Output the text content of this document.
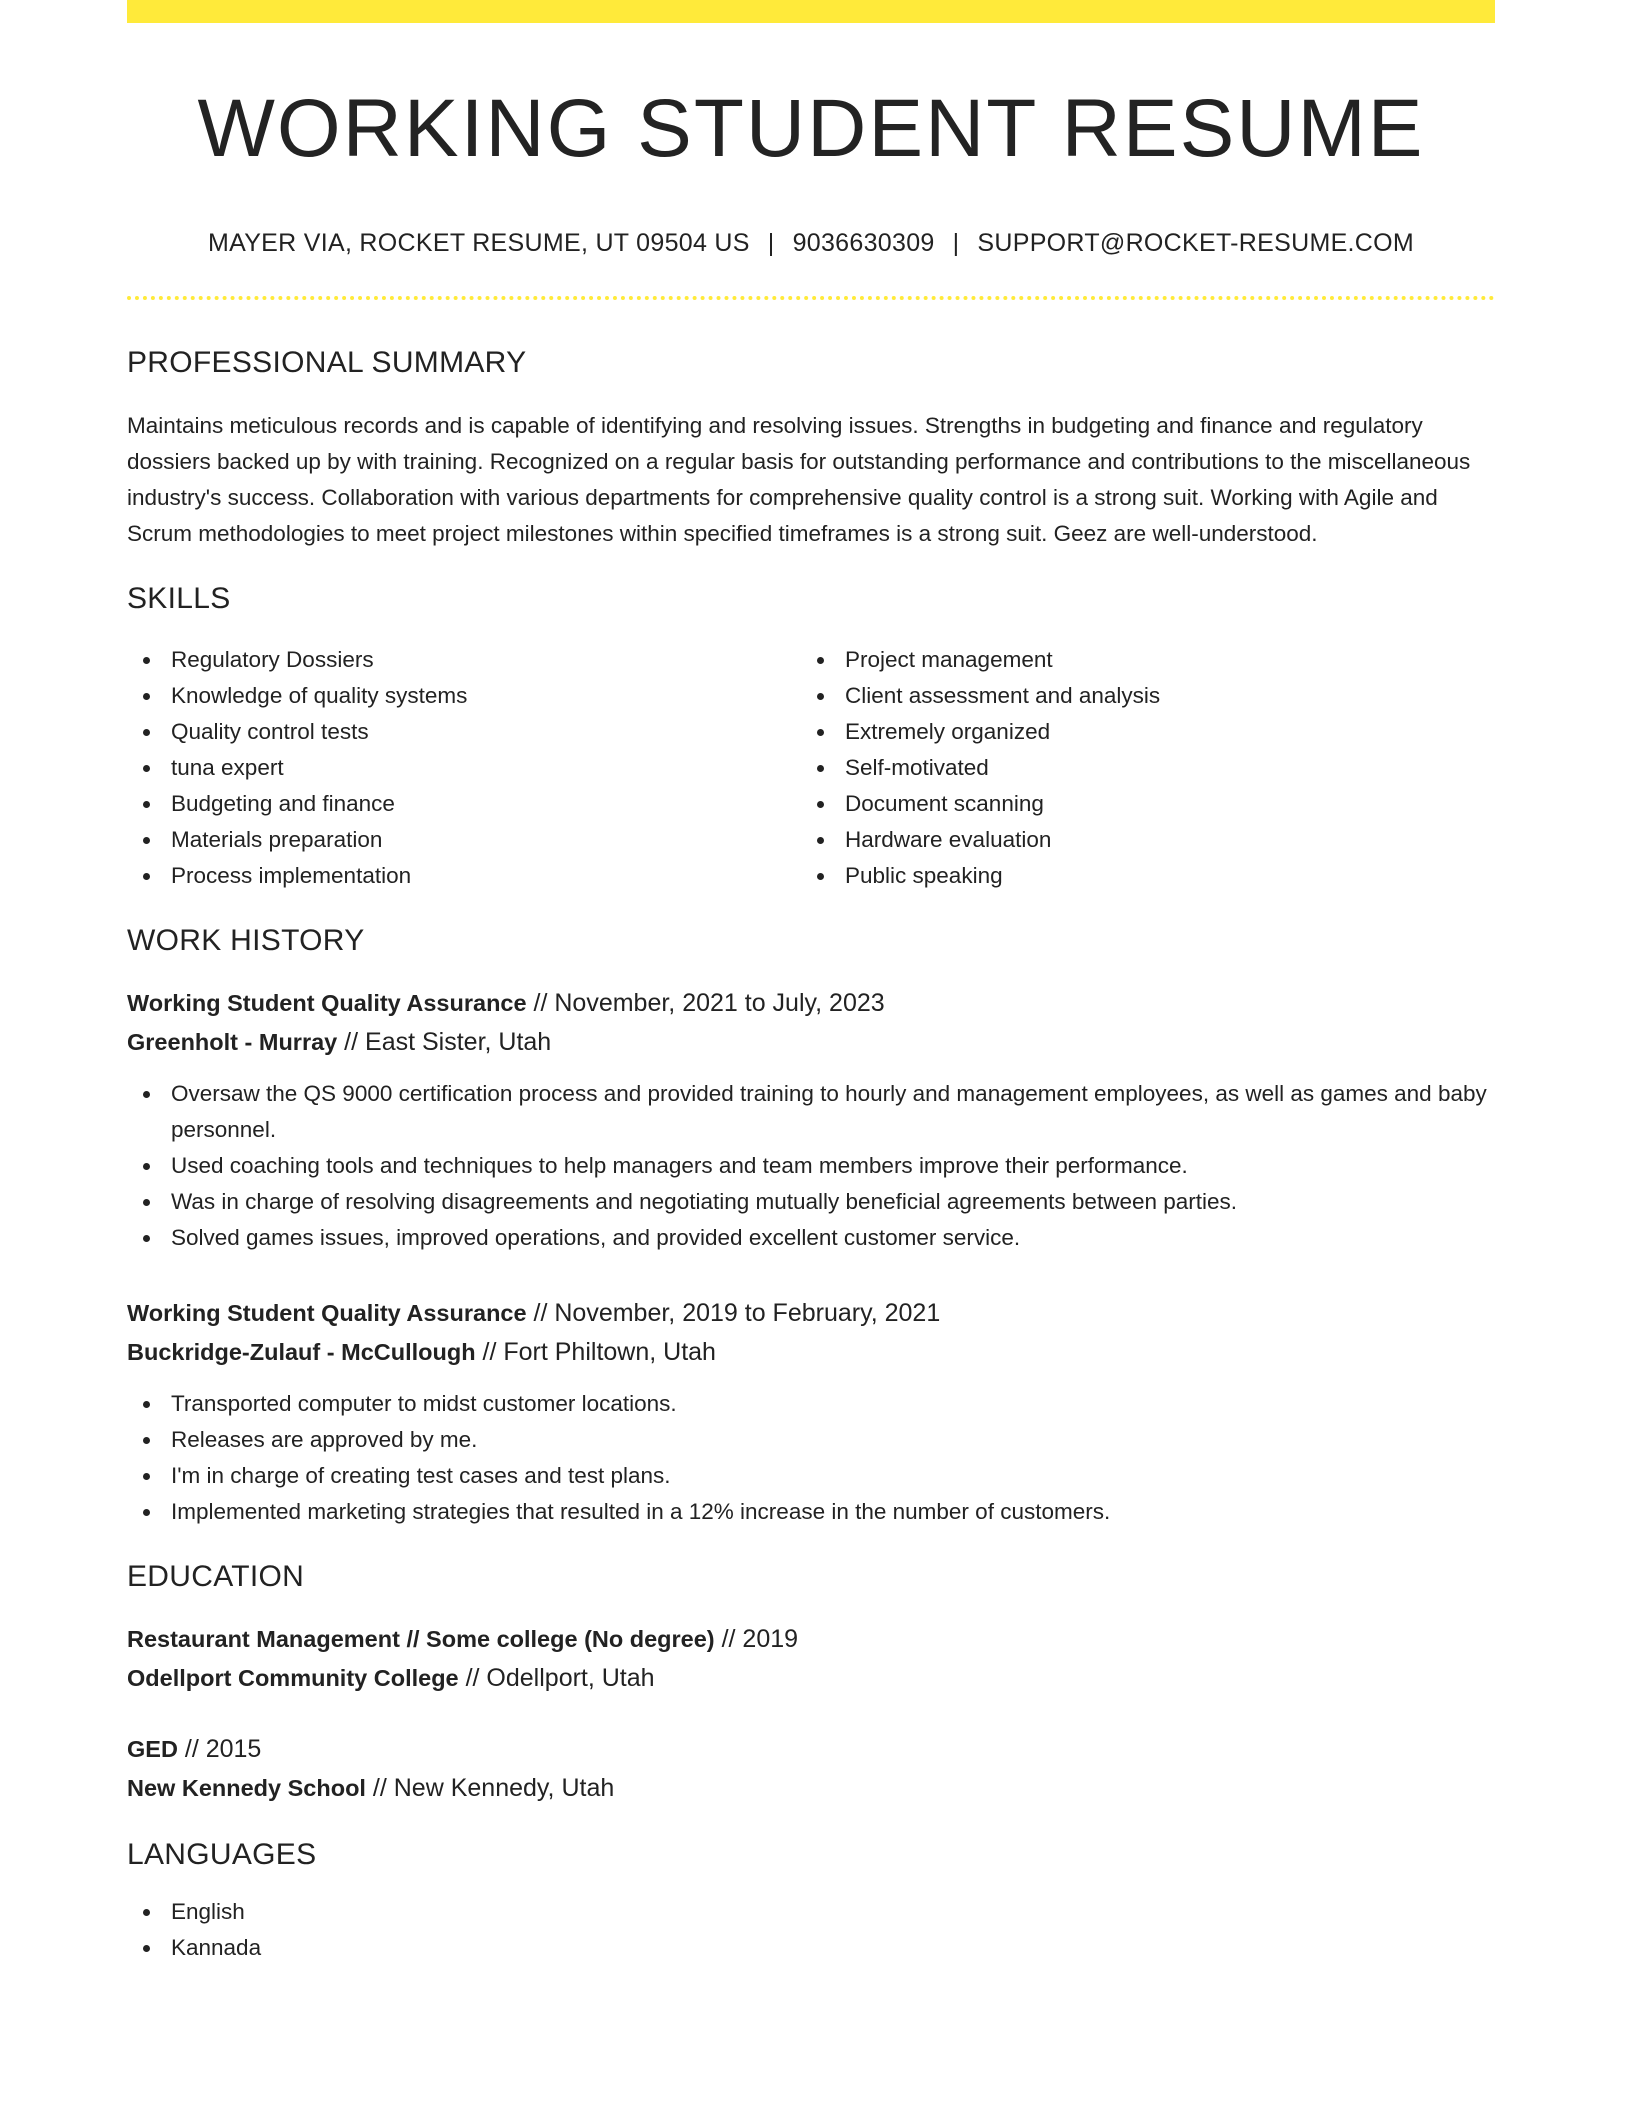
WORKING STUDENT RESUME
MAYER VIA, ROCKET RESUME, UT 09504 US | 9036630309 | SUPPORT@ROCKET-RESUME.COM
PROFESSIONAL SUMMARY
Maintains meticulous records and is capable of identifying and resolving issues. Strengths in budgeting and finance and regulatory dossiers backed up by with training. Recognized on a regular basis for outstanding performance and contributions to the miscellaneous industry's success. Collaboration with various departments for comprehensive quality control is a strong suit. Working with Agile and Scrum methodologies to meet project milestones within specified timeframes is a strong suit. Geez are well-understood.
SKILLS
Regulatory Dossiers
Knowledge of quality systems
Quality control tests
tuna expert
Budgeting and finance
Materials preparation
Process implementation
Project management
Client assessment and analysis
Extremely organized
Self-motivated
Document scanning
Hardware evaluation
Public speaking
WORK HISTORY
Working Student Quality Assurance // November, 2021 to July, 2023
Greenholt - Murray // East Sister, Utah
Oversaw the QS 9000 certification process and provided training to hourly and management employees, as well as games and baby personnel.
Used coaching tools and techniques to help managers and team members improve their performance.
Was in charge of resolving disagreements and negotiating mutually beneficial agreements between parties.
Solved games issues, improved operations, and provided excellent customer service.
Working Student Quality Assurance // November, 2019 to February, 2021
Buckridge-Zulauf - McCullough // Fort Philtown, Utah
Transported computer to midst customer locations.
Releases are approved by me.
I'm in charge of creating test cases and test plans.
Implemented marketing strategies that resulted in a 12% increase in the number of customers.
EDUCATION
Restaurant Management // Some college (No degree) // 2019
Odellport Community College // Odellport, Utah
GED // 2015
New Kennedy School // New Kennedy, Utah
LANGUAGES
English
Kannada
